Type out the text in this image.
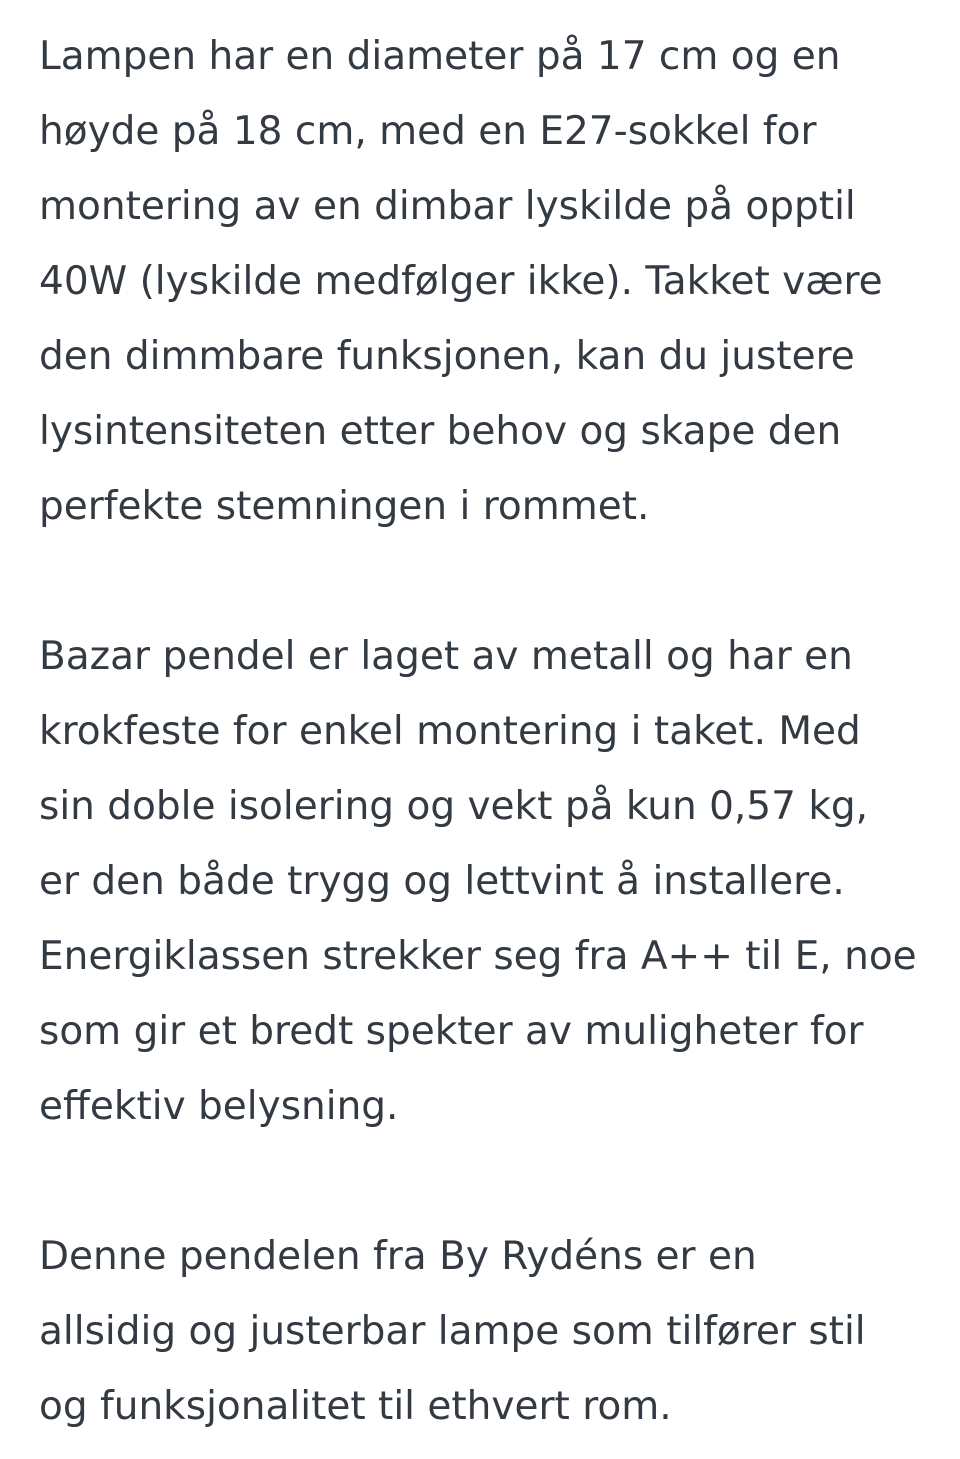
Lampen har en diameter på 17 cm og en
høyde på 18 cm, med en E27-sokkel for
montering av en dimbar lyskilde på opptil
40W (lyskilde medfølger ikke). Takket være
den dimmbare funksjonen, kan du justere
lysintensiteten etter behov og skape den
perfekte stemningen i rommet.

Bazar pendel er laget av metall og har en
krokfeste for enkel montering i taket. Med
sin doble isolering og vekt på kun 0,57 kg,
er den både trygg og lettvint å installere.
Energiklassen strekker seg fra A++ til E, noe
som gir et bredt spekter av muligheter for
effektiv belysning.

Denne pendelen fra By Rydéns er en
allsidig og justerbar lampe som tilfører stil
og funksjonalitet til ethvert rom.
